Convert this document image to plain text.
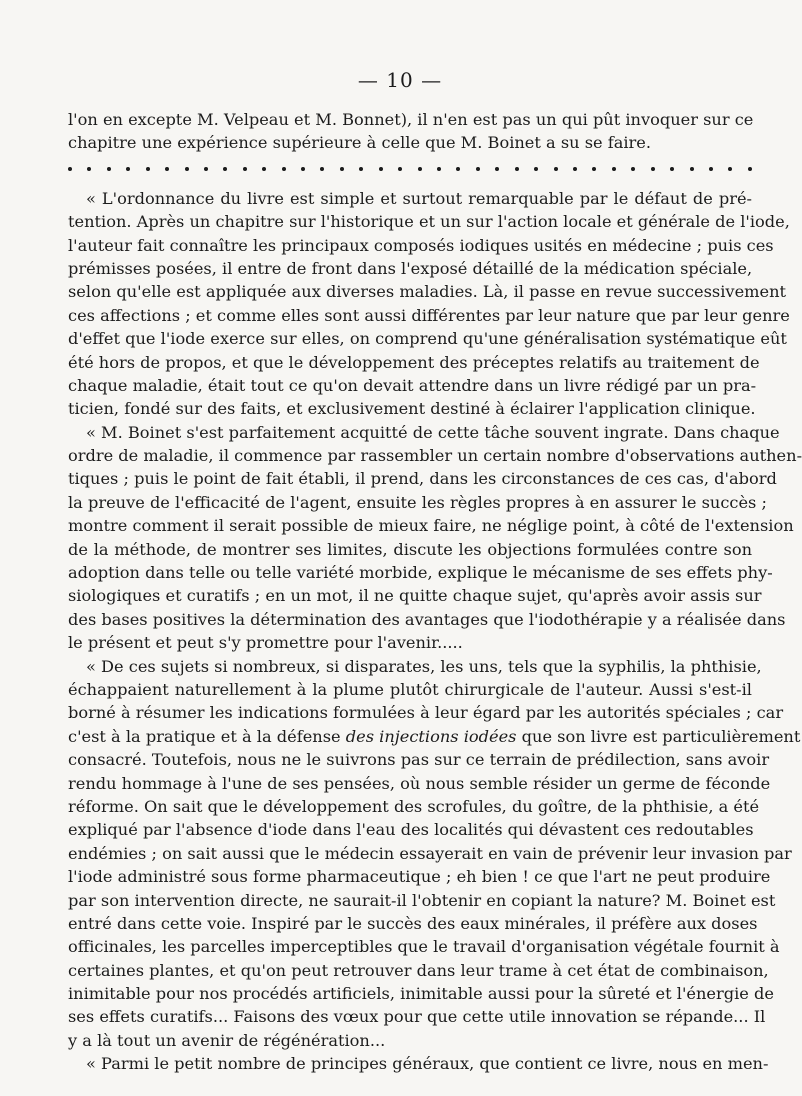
— 10 —
l'on en excepte M. Velpeau et M. Bonnet), il n'en est pas un qui pût invoquer sur ce
chapitre une expérience supérieure à celle que M. Boinet a su se faire.
« L'ordonnance du livre est simple et surtout remarquable par le défaut de pré-
tention. Après un chapitre sur l'historique et un sur l'action locale et générale de l'iode,
l'auteur fait connaître les principaux composés iodiques usités en médecine ; puis ces
prémisses posées, il entre de front dans l'exposé détaillé de la médication spéciale,
selon qu'elle est appliquée aux diverses maladies. Là, il passe en revue successivement
ces affections ; et comme elles sont aussi différentes par leur nature que par leur genre
d'effet que l'iode exerce sur elles, on comprend qu'une généralisation systématique eût
été hors de propos, et que le développement des préceptes relatifs au traitement de
chaque maladie, était tout ce qu'on devait attendre dans un livre rédigé par un pra-
ticien, fondé sur des faits, et exclusivement destiné à éclairer l'application clinique.
« M. Boinet s'est parfaitement acquitté de cette tâche souvent ingrate. Dans chaque
ordre de maladie, il commence par rassembler un certain nombre d'observations authen-
tiques ; puis le point de fait établi, il prend, dans les circonstances de ces cas, d'abord
la preuve de l'efficacité de l'agent, ensuite les règles propres à en assurer le succès ;
montre comment il serait possible de mieux faire, ne néglige point, à côté de l'extension
de la méthode, de montrer ses limites, discute les objections formulées contre son
adoption dans telle ou telle variété morbide, explique le mécanisme de ses effets phy-
siologiques et curatifs ; en un mot, il ne quitte chaque sujet, qu'après avoir assis sur
des bases positives la détermination des avantages que l'iodothérapie y a réalisée dans
le présent et peut s'y promettre pour l'avenir.....
« De ces sujets si nombreux, si disparates, les uns, tels que la syphilis, la phthisie,
échappaient naturellement à la plume plutôt chirurgicale de l'auteur. Aussi s'est-il
borné à résumer les indications formulées à leur égard par les autorités spéciales ; car
c'est à la pratique et à la défense des injections iodées que son livre est particulièrement
consacré. Toutefois, nous ne le suivrons pas sur ce terrain de prédilection, sans avoir
rendu hommage à l'une de ses pensées, où nous semble résider un germe de féconde
réforme. On sait que le développement des scrofules, du goître, de la phthisie, a été
expliqué par l'absence d'iode dans l'eau des localités qui dévastent ces redoutables
endémies ; on sait aussi que le médecin essayerait en vain de prévenir leur invasion par
l'iode administré sous forme pharmaceutique ; eh bien ! ce que l'art ne peut produire
par son intervention directe, ne saurait-il l'obtenir en copiant la nature? M. Boinet est
entré dans cette voie. Inspiré par le succès des eaux minérales, il préfère aux doses
officinales, les parcelles imperceptibles que le travail d'organisation végétale fournit à
certaines plantes, et qu'on peut retrouver dans leur trame à cet état de combinaison,
inimitable pour nos procédés artificiels, inimitable aussi pour la sûreté et l'énergie de
ses effets curatifs... Faisons des vœux pour que cette utile innovation se répande... Il
y a là tout un avenir de régénération...
« Parmi le petit nombre de principes généraux, que contient ce livre, nous en men-
